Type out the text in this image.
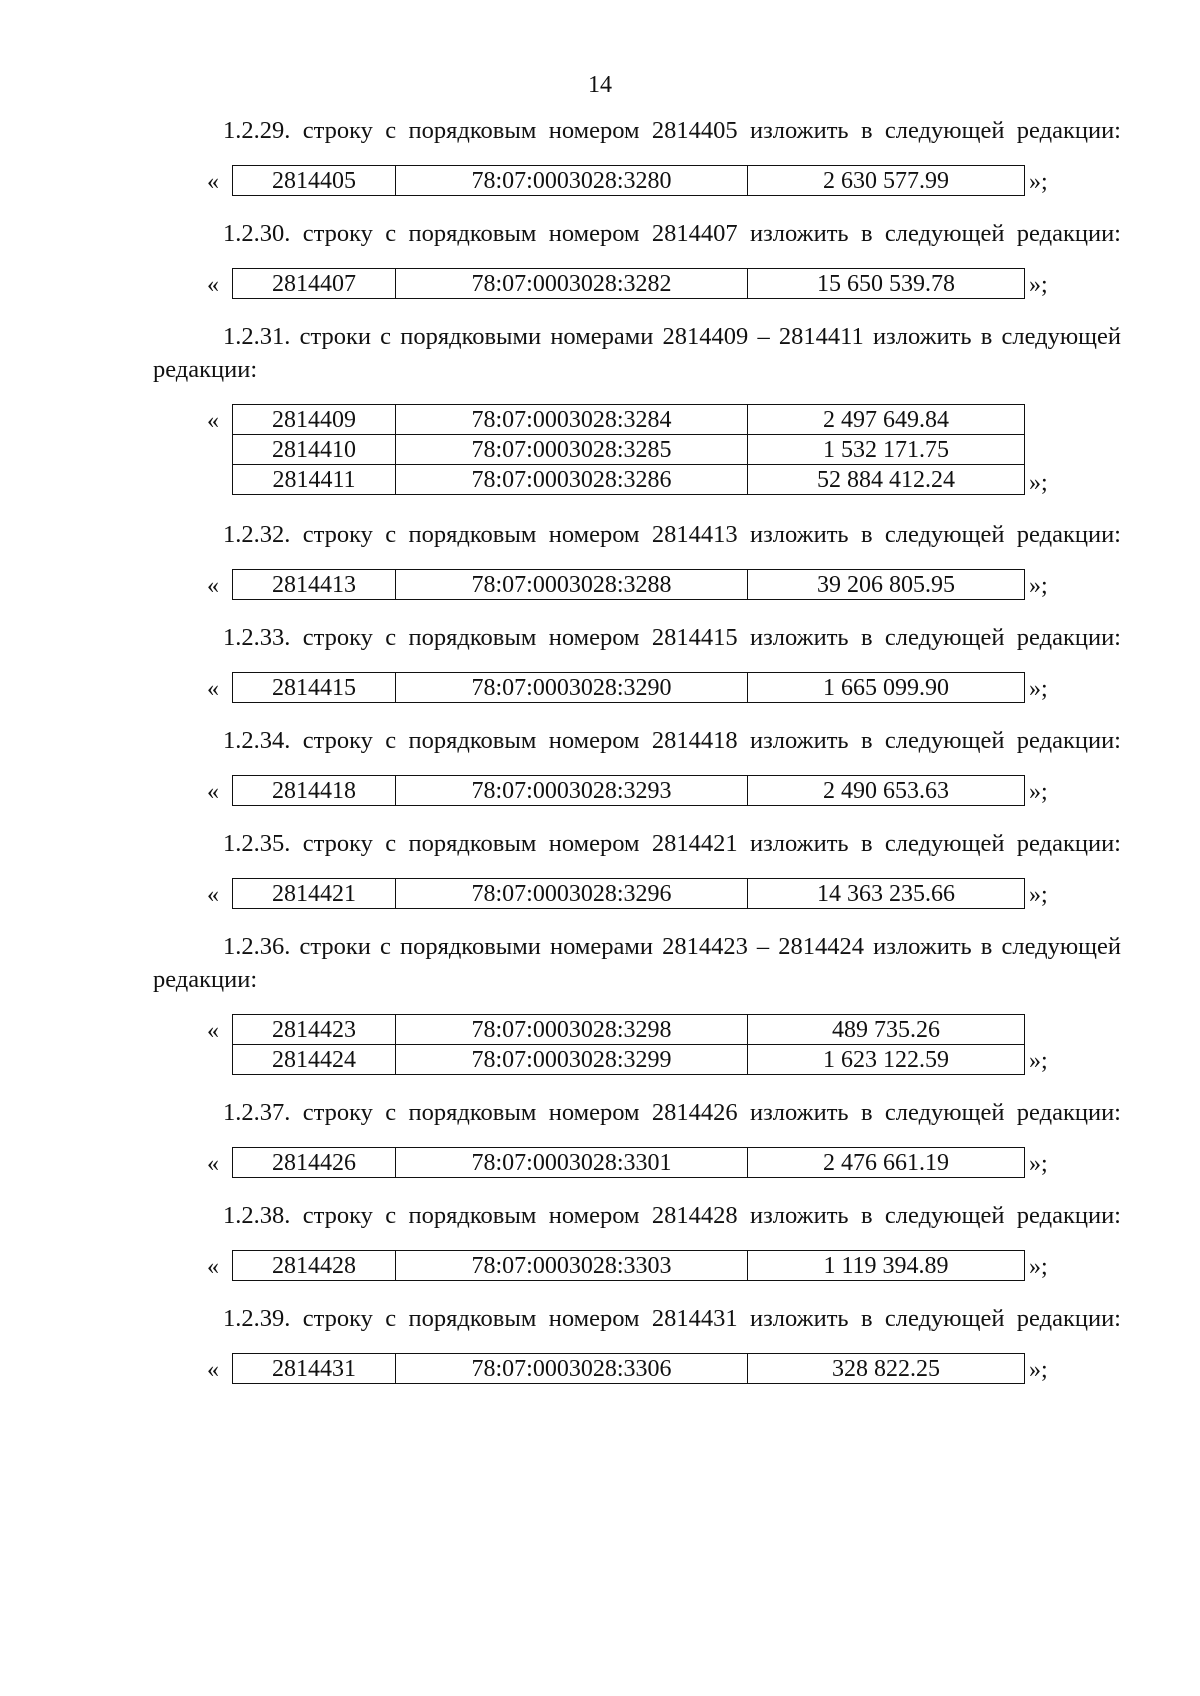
14

1.2.29. строку с порядковым номером 2814405 изложить в следующей редакции:

« 2814405	78:07:0003028:3280	2 630 577.99	»;

1.2.30. строку с порядковым номером 2814407 изложить в следующей редакции:

« 2814407	78:07:0003028:3282	15 650 539.78	»;

1.2.31. строки с порядковыми номерами 2814409 – 2814411 изложить в следующей редакции:

« 2814409	78:07:0003028:3284	2 497 649.84
2814410	78:07:0003028:3285	1 532 171.75
2814411	78:07:0003028:3286	52 884 412.24	»;

1.2.32. строку с порядковым номером 2814413 изложить в следующей редакции:

« 2814413	78:07:0003028:3288	39 206 805.95	»;

1.2.33. строку с порядковым номером 2814415 изложить в следующей редакции:

« 2814415	78:07:0003028:3290	1 665 099.90	»;

1.2.34. строку с порядковым номером 2814418 изложить в следующей редакции:

« 2814418	78:07:0003028:3293	2 490 653.63	»;

1.2.35. строку с порядковым номером 2814421 изложить в следующей редакции:

« 2814421	78:07:0003028:3296	14 363 235.66	»;

1.2.36. строки с порядковыми номерами 2814423 – 2814424 изложить в следующей редакции:

« 2814423	78:07:0003028:3298	489 735.26
2814424	78:07:0003028:3299	1 623 122.59	»;

1.2.37. строку с порядковым номером 2814426 изложить в следующей редакции:

« 2814426	78:07:0003028:3301	2 476 661.19	»;

1.2.38. строку с порядковым номером 2814428 изложить в следующей редакции:

« 2814428	78:07:0003028:3303	1 119 394.89	»;

1.2.39. строку с порядковым номером 2814431 изложить в следующей редакции:

« 2814431	78:07:0003028:3306	328 822.25	»;
